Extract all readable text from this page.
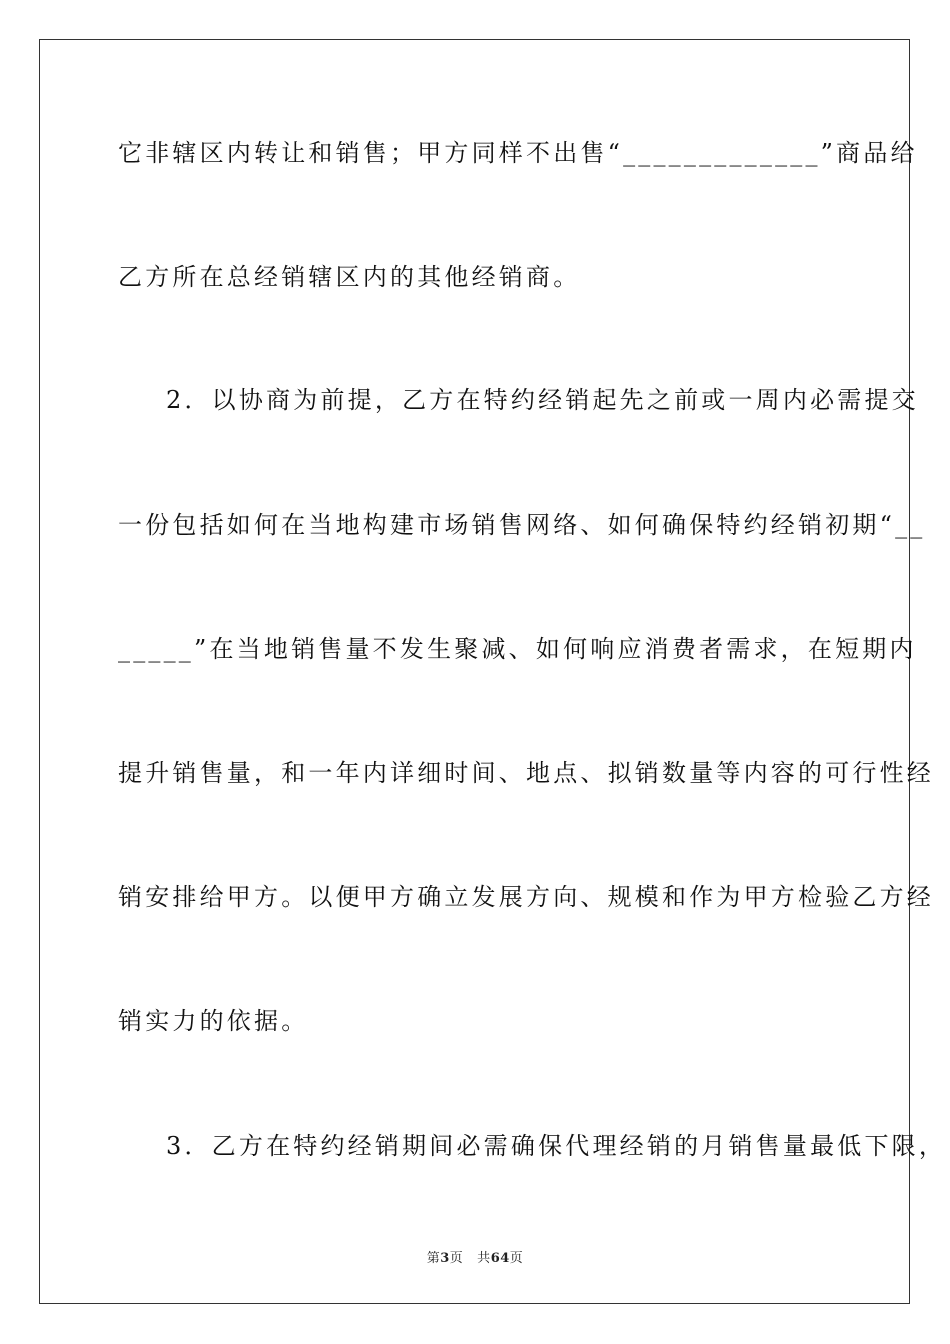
它非辖区内转让和销售；甲方同样不出售“_____________”商品给
乙方所在总经销辖区内的其他经销商。
2．以协商为前提，乙方在特约经销起先之前或一周内必需提交
一份包括如何在当地构建市场销售网络、如何确保特约经销初期“__
_____”在当地销售量不发生聚减、如何响应消费者需求，在短期内
提升销售量，和一年内详细时间、地点、拟销数量等内容的可行性经
销安排给甲方。以便甲方确立发展方向、规模和作为甲方检验乙方经
销实力的依据。
3．乙方在特约经销期间必需确保代理经销的月销售量最低下限，
第3页 共64页
